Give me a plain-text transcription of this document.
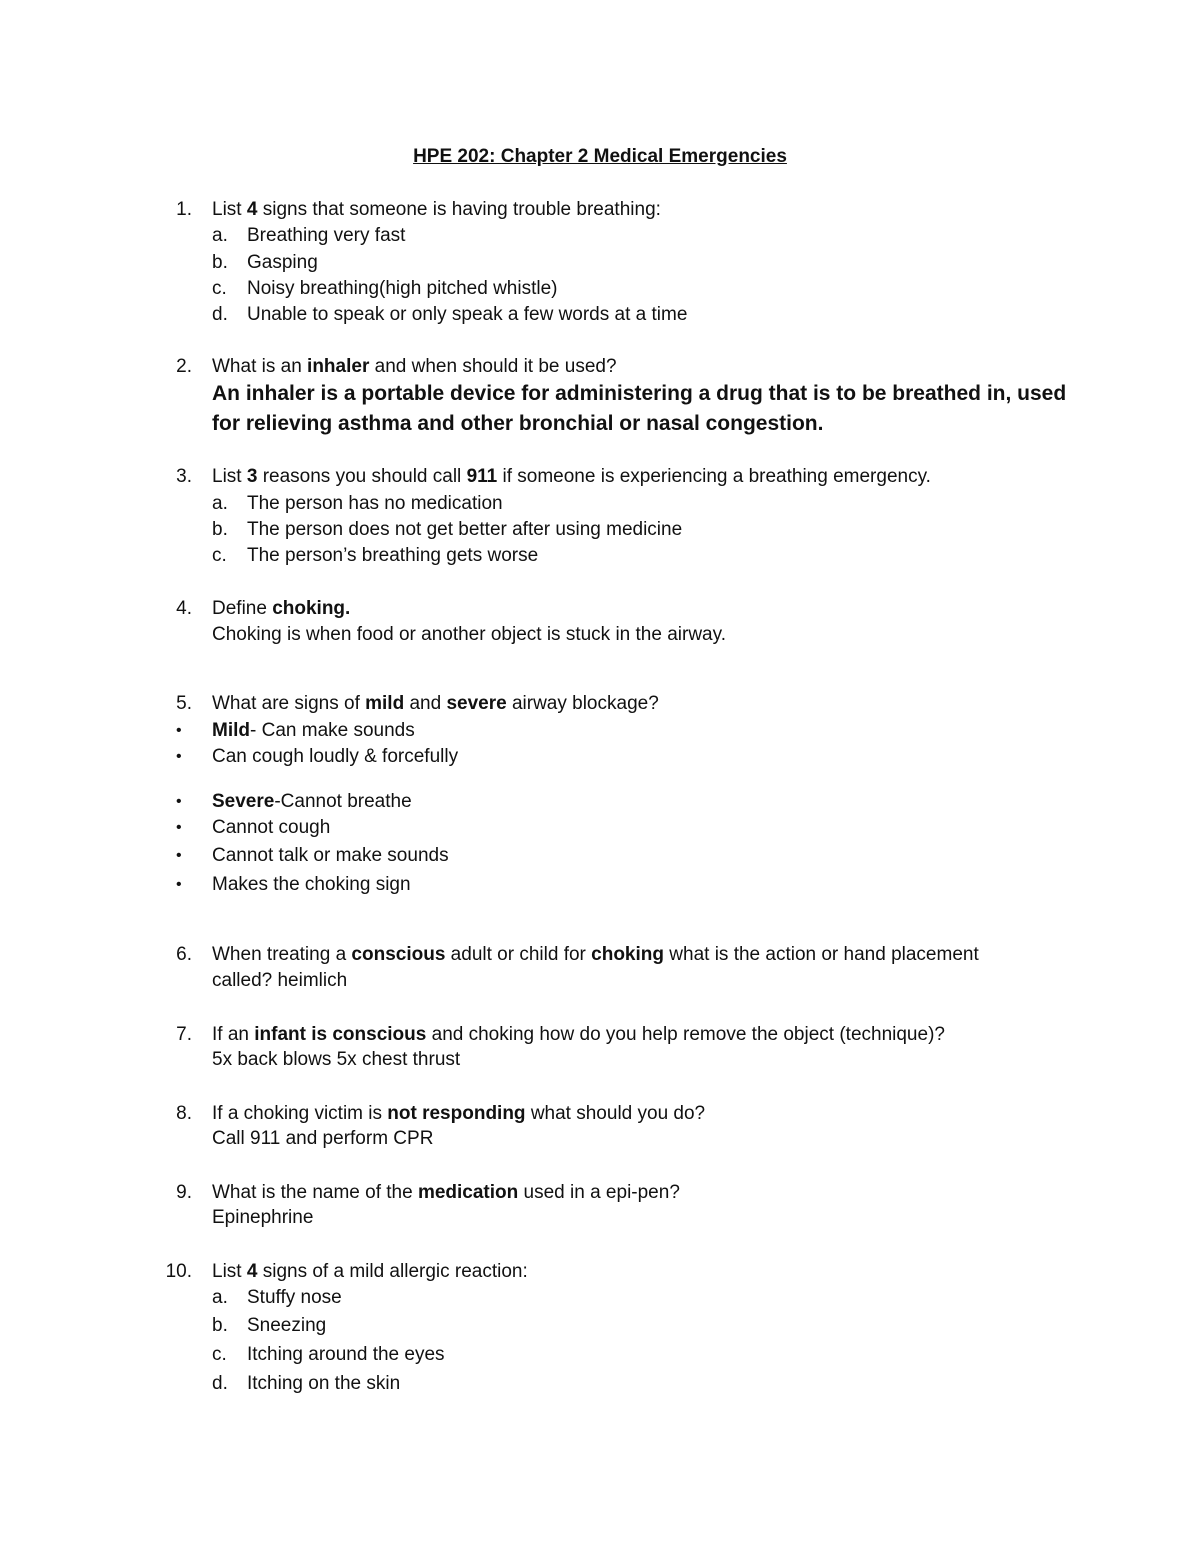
HPE 202: Chapter 2 Medical Emergencies
1. List 4 signs that someone is having trouble breathing:
a. Breathing very fast
b. Gasping
c. Noisy breathing(high pitched whistle)
d. Unable to speak or only speak a few words at a time
2. What is an inhaler and when should it be used?
An inhaler is a portable device for administering a drug that is to be breathed in, used
for relieving asthma and other bronchial or nasal congestion.
3. List 3 reasons you should call 911 if someone is experiencing a breathing emergency.
a. The person has no medication
b. The person does not get better after using medicine
c. The person’s breathing gets worse
4. Define choking.
Choking is when food or another object is stuck in the airway.
5. What are signs of mild and severe airway blockage?
• Mild- Can make sounds
• Can cough loudly & forcefully
• Severe-Cannot breathe
• Cannot cough
• Cannot talk or make sounds
• Makes the choking sign
6. When treating a conscious adult or child for choking what is the action or hand placement
called? heimlich
7. If an infant is conscious and choking how do you help remove the object (technique)?
5x back blows 5x chest thrust
8. If a choking victim is not responding what should you do?
Call 911 and perform CPR
9. What is the name of the medication used in a epi-pen?
Epinephrine
10. List 4 signs of a mild allergic reaction:
a. Stuffy nose
b. Sneezing
c. Itching around the eyes
d. Itching on the skin
